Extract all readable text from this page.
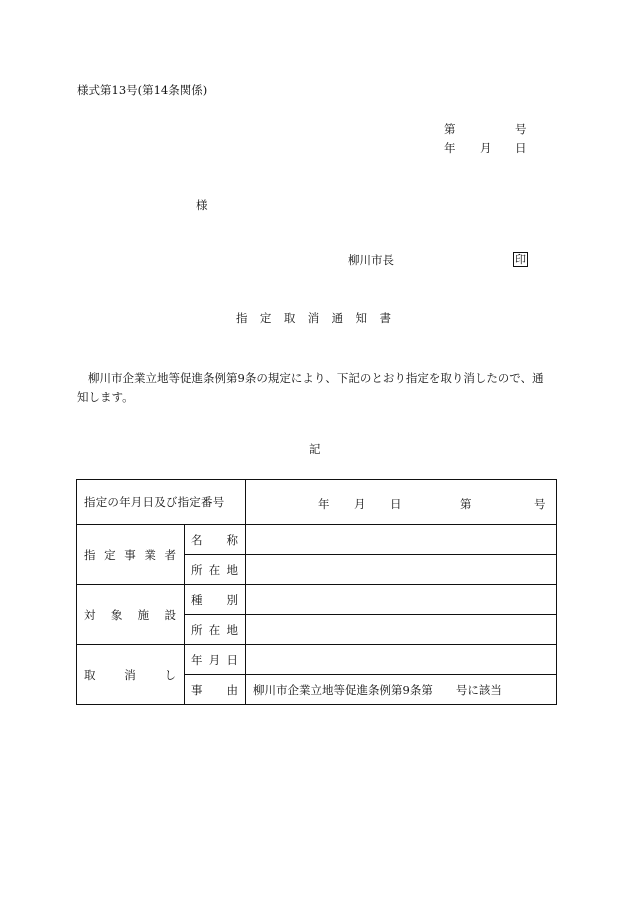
様式第13号(第14条関係)
第	号
年 月 日
様
柳川市長	印
指 定 取 消 通 知 書
柳川市企業立地等促進条例第9条の規定により、下記のとおり指定を取り消したので、通知します。
記
指定の年月日及び指定番号		年 月 日 第 号

指 定 事 業 者	名 称	

	所 在 地	

対 象 施 設	種 別	

	所 在 地	

取 消 し	年 月 日	

	事 由	柳川市企業立地等促進条例第9条第　　号に該当
